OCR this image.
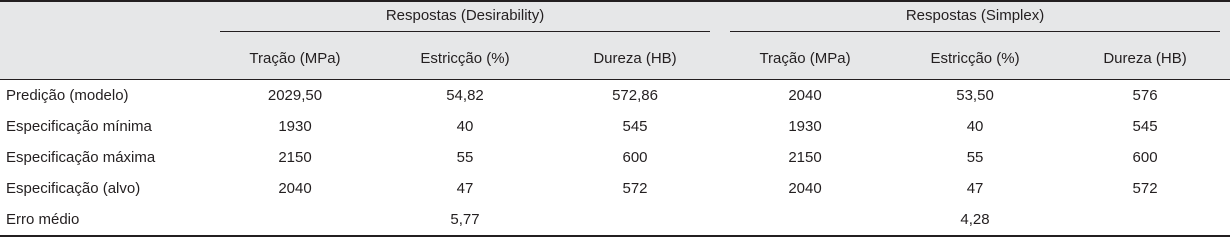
	Respostas (Desirability)			Respostas (Simplex)		

	Tração (MPa)	Estricção (%)	Dureza (HB)	Tração (MPa)	Estricção (%)	Dureza (HB)
Predição (modelo)	2029,50	54,82	572,86	2040	53,50	576
Especificação mínima	1930	40	545	1930	40	545
Especificação máxima	2150	55	600	2150	55	600
Especificação (alvo)	2040	47	572	2040	47	572
Erro médio		5,77			4,28	
